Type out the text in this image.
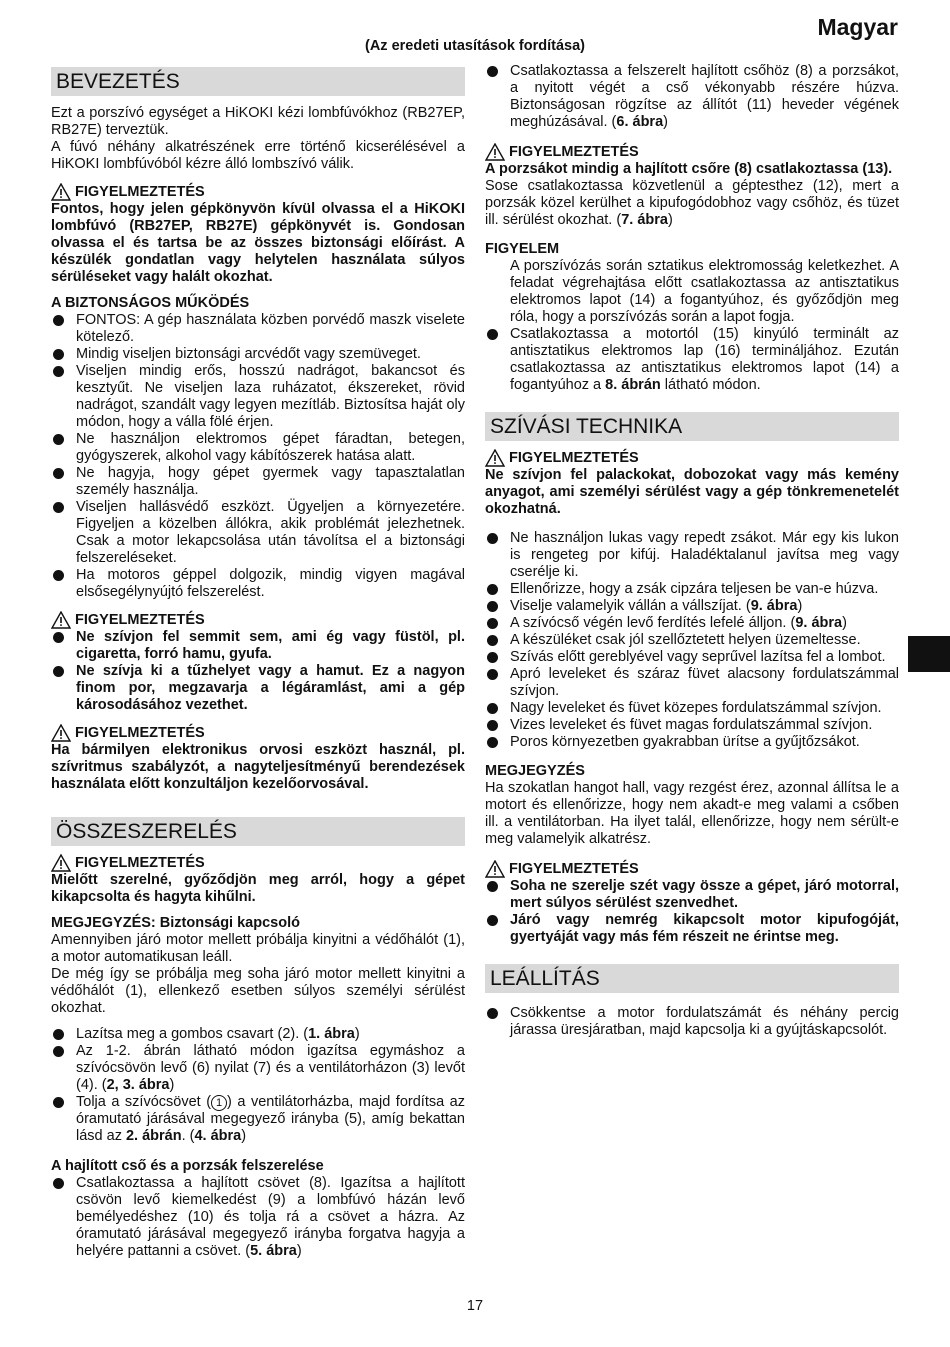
Magyar
(Az eredeti utasítások fordítása)
BEVEZETÉS

Ezt a porszívó egységet a HiKOKI kézi lombfúvókhoz (RB27EP, RB27E) terveztük.

A fúvó néhány alkatrészének erre történő kicserélésével a HiKOKI lombfúvóból kézre álló lombszívó válik.

FIGYELMEZTETÉS

Fontos, hogy jelen gépkönyvön kívül olvassa el a HiKOKI lombfúvó (RB27EP, RB27E) gépkönyvét is. Gondosan olvassa el és tartsa be az összes biztonsági előírást. A készülék gondatlan vagy helytelen használata súlyos sérüléseket vagy halált okozhat.

A BIZTONSÁGOS MŰKÖDÉS
FONTOS: A gép használata közben porvédő maszk viselete kötelező.
Mindig viseljen biztonsági arcvédőt vagy szemüveget.
Viseljen mindig erős, hosszú nadrágot, bakancsot és kesztyűt. Ne viseljen laza ruházatot, ékszereket, rövid nadrágot, szandált vagy legyen mezítláb. Biztosítsa haját oly módon, hogy a válla fölé érjen.
Ne használjon elektromos gépet fáradtan, betegen, gyógyszerek, alkohol vagy kábítószerek hatása alatt.
Ne hagyja, hogy gépet gyermek vagy tapasztalatlan személy használja.
Viseljen hallásvédő eszközt. Ügyeljen a környezetére. Figyeljen a közelben állókra, akik problémát jelezhetnek. Csak a motor lekapcsolása után távolítsa el a biztonsági felszereléseket.
Ha motoros géppel dolgozik, mindig vigyen magával elsősegélynyújtó felszerelést.
FIGYELMEZTETÉS
Ne szívjon fel semmit sem, ami ég vagy füstöl, pl. cigaretta, forró hamu, gyufa.
Ne szívja ki a tűzhelyet vagy a hamut. Ez a nagyon finom por, megzavarja a légáramlást, ami a gép károsodásához vezethet.
FIGYELMEZTETÉS

Ha bármilyen elektronikus orvosi eszközt használ, pl. szívritmus szabályzót, a nagyteljesítményű berendezések használata előtt konzultáljon kezelőorvosával.

ÖSSZESZERELÉS
FIGYELMEZTETÉS

Mielőtt szerelné, győződjön meg arról, hogy a gépet kikapcsolta és hagyta kihűlni.

MEGJEGYZÉS: Biztonsági kapcsoló

Amennyiben járó motor mellett próbálja kinyitni a védőhálót (1), a motor automatikusan leáll.

De még így se próbálja meg soha járó motor mellett kinyitni a védőhálót (1), ellenkező esetben súlyos személyi sérülést okozhat.

Lazítsa meg a gombos csavart (2). (1. ábra)
Az 1-2. ábrán látható módon igazítsa egymáshoz a szívócsövön levő (6) nyilat (7) és a ventilátorházon (3) levőt (4). (2, 3. ábra)
Tolja a szívócsövet ( 1 ) a ventilátorházba, majd fordítsa az óramutató járásával megegyező irányba (5), amíg bekattan lásd az 2. ábrán. (4. ábra)
A hajlított cső és a porzsák felszerelése
Csatlakoztassa a hajlított csövet (8). Igazítsa a hajlított csövön levő kiemelkedést (9) a lombfúvó házán levő bemélyedéshez (10) és tolja rá a csövet a házra. Az óramutató járásával megegyező irányba forgatva hagyja a helyére pattanni a csövet. (5. ábra)
Csatlakoztassa a felszerelt hajlított csőhöz (8) a porzsákot, a nyitott végét a cső vékonyabb részére húzva. Biztonságosan rögzítse az állítót (11) heveder végének meghúzásával. (6. ábra)
FIGYELMEZTETÉS

A porzsákot mindig a hajlított csőre (8) csatlakoztassa (13).

Sose csatlakoztassa közvetlenül a géptesthez (12), mert a porzsák közel kerülhet a kipufogódobhoz vagy csőhöz, és tüzet ill. sérülést okozhat. (7. ábra)

FIGYELEM

A porszívózás során sztatikus elektromosság keletkezhet. A feladat végrehajtása előtt csatlakoztassa az antisztatikus elektromos lapot (14) a fogantyúhoz, és győződjön meg róla, hogy a porszívózás során a lapot fogja.

Csatlakoztassa a motortól (15) kinyúló terminált az antisztatikus elektromos lap (16) termináljához. Ezután csatlakoztassa az antisztatikus elektromos lapot (14) a fogantyúhoz a 8. ábrán látható módon.
SZÍVÁSI TECHNIKA
FIGYELMEZTETÉS

Ne szívjon fel palackokat, dobozokat vagy más kemény anyagot, ami személyi sérülést vagy a gép tönkremenetelét okozhatná.

Ne használjon lukas vagy repedt zsákot. Már egy kis lukon is rengeteg por kifúj. Haladéktalanul javítsa meg vagy cserélje ki.
Ellenőrizze, hogy a zsák cipzára teljesen be van-e húzva.
Viselje valamelyik vállán a vállszíjat. (9. ábra)
A szívócső végén levő ferdítés lefelé álljon. (9. ábra)
A készüléket csak jól szellőztetett helyen üzemeltesse.
Szívás előtt gereblyével vagy seprűvel lazítsa fel a lombot.
Apró leveleket és száraz füvet alacsony fordulatszámmal szívjon.
Nagy leveleket és füvet közepes fordulatszámmal szívjon.
Vizes leveleket és füvet magas fordulatszámmal szívjon.
Poros környezetben gyakrabban ürítse a gyűjtőzsákot.
MEGJEGYZÉS

Ha szokatlan hangot hall, vagy rezgést érez, azonnal állítsa le a motort és ellenőrizze, hogy nem akadt-e meg valami a csőben ill. a ventilátorban. Ha ilyet talál, ellenőrizze, hogy nem sérült-e meg valamelyik alkatrész.

FIGYELMEZTETÉS
Soha ne szerelje szét vagy össze a gépet, járó motorral, mert súlyos sérülést szenvedhet.
Járó vagy nemrég kikapcsolt motor kipufogóját, gyertyáját vagy más fém részeit ne érintse meg.
LEÁLLÍTÁS
Csökkentse a motor fordulatszámát és néhány percig járassa üresjáratban, majd kapcsolja ki a gyújtáskapcsolót.
17
